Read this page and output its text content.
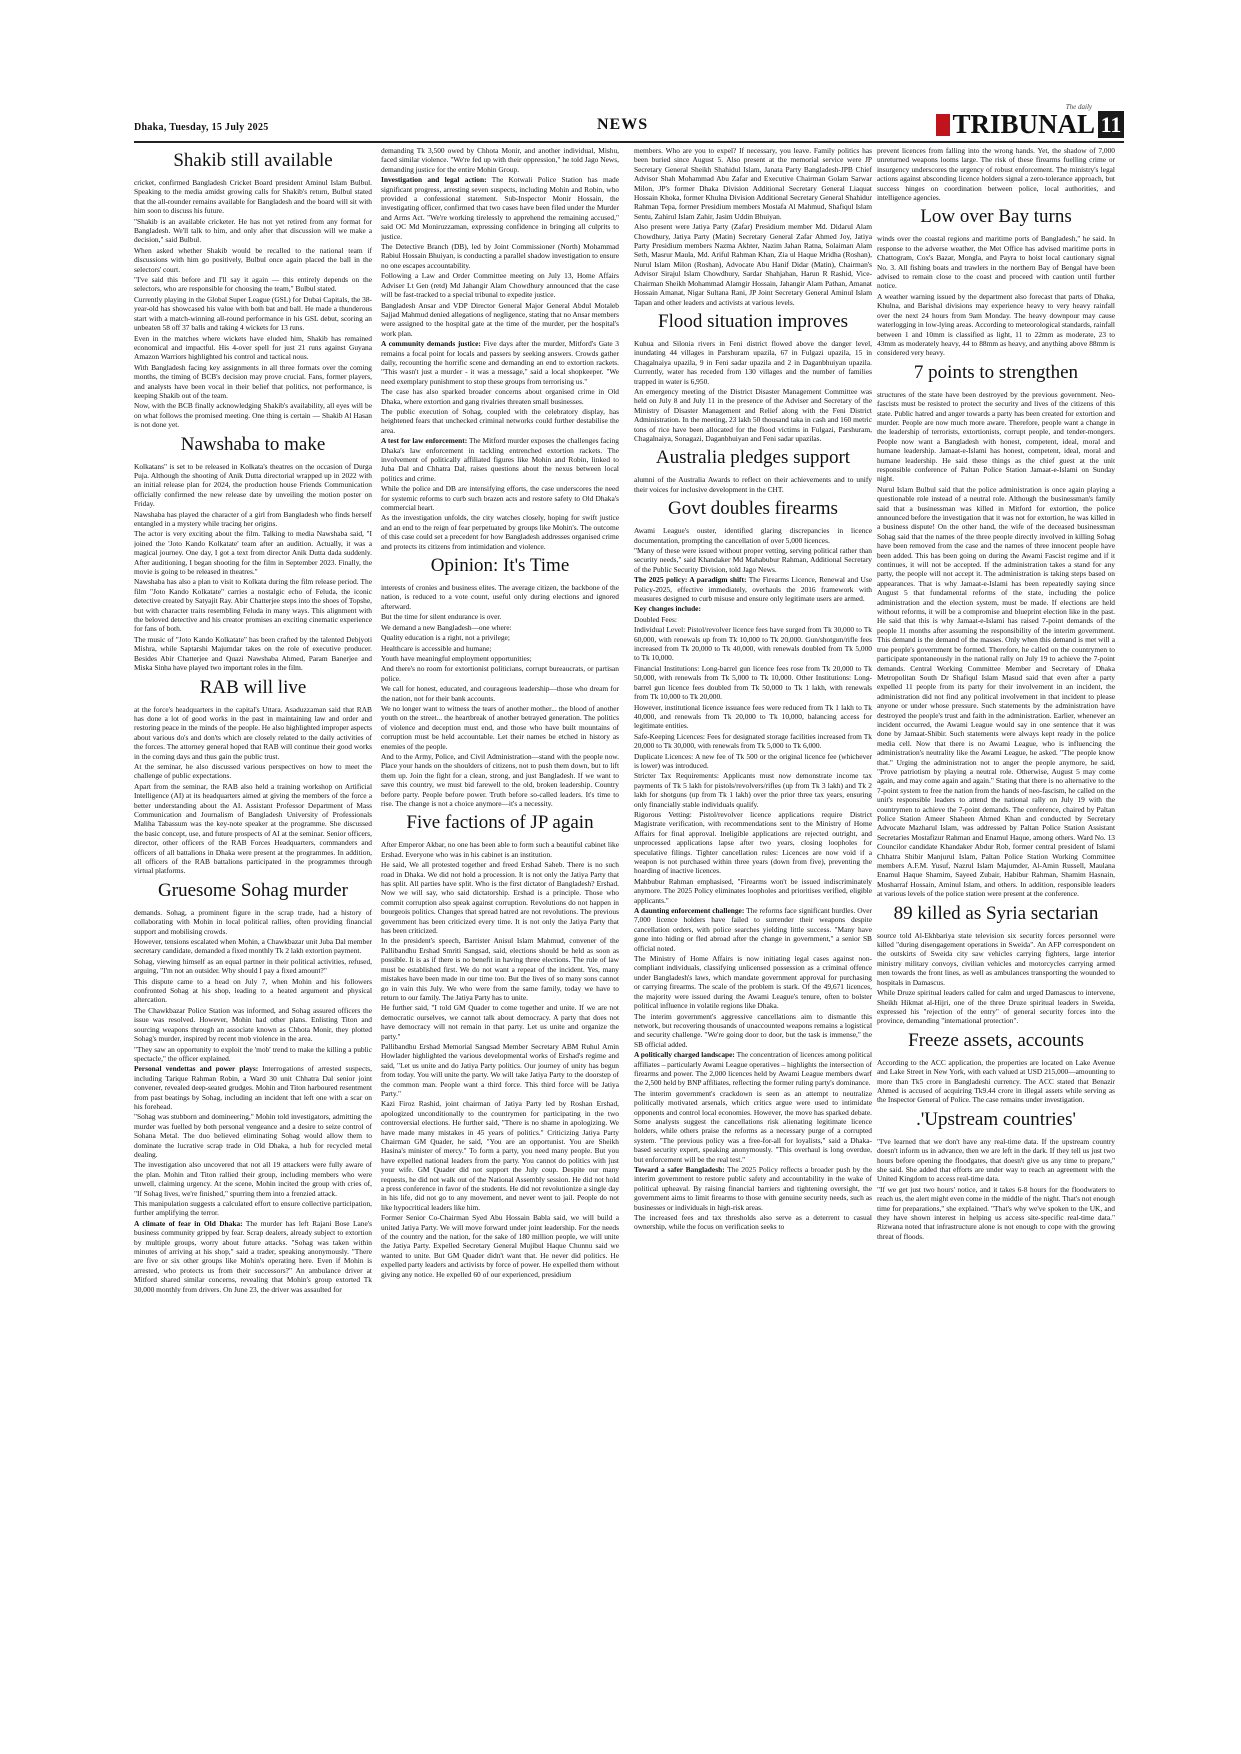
Dhaka, Tuesday, 15 July 2025	NEWS
The daily
TRIBUNAL 11
Shakib still available

cricket, confirmed Bangladesh Cricket Board president Aminul Islam Bulbul. Speaking to the media amidst growing calls for Shakib's return, Bulbul stated that the all-rounder remains available for Bangladesh and the board will sit with him soon to discuss his future.

"Shakib is an available cricketer. He has not yet retired from any format for Bangladesh. We'll talk to him, and only after that discussion will we make a decision," said Bulbul.

When asked whether Shakib would be recalled to the national team if discussions with him go positively, Bulbul once again placed the ball in the selectors' court.

"I've said this before and I'll say it again — this entirely depends on the selectors, who are responsible for choosing the team," Bulbul stated.

Currently playing in the Global Super League (GSL) for Dubai Capitals, the 38-year-old has showcased his value with both bat and ball. He made a thunderous start with a match-winning all-round performance in his GSL debut, scoring an unbeaten 58 off 37 balls and taking 4 wickets for 13 runs.

Even in the matches where wickets have eluded him, Shakib has remained economical and impactful. His 4-over spell for just 21 runs against Guyana Amazon Warriors highlighted his control and tactical nous.

With Bangladesh facing key assignments in all three formats over the coming months, the timing of BCB's decision may prove crucial. Fans, former players, and analysts have been vocal in their belief that politics, not performance, is keeping Shakib out of the team.

Now, with the BCB finally acknowledging Shakib's availability, all eyes will be on what follows the promised meeting. One thing is certain — Shakib Al Hasan is not done yet.

Nawshaba to make

Kolkatans" is set to be released in Kolkata's theatres on the occasion of Durga Puja. Although the shooting of Anik Dutta directorial wrapped up in 2022 with an initial release plan for 2024, the production house Friends Communication officially confirmed the new release date by unveiling the motion poster on Friday.

Nawshaba has played the character of a girl from Bangladesh who finds herself entangled in a mystery while tracing her origins.

The actor is very exciting about the film. Talking to media Nawshaba said, "I joined the 'Joto Kando Kolkatate' team after an audition. Actually, it was a magical journey. One day, I got a text from director Anik Dutta dada suddenly. After auditioning, I began shooting for the film in September 2023. Finally, the movie is going to be released in theatres."

Nawshaba has also a plan to visit to Kolkata during the film release period. The film "Joto Kando Kolkatate" carries a nostalgic echo of Feluda, the iconic detective created by Satyajit Ray. Abir Chatterjee steps into the shoes of Topshe, but with character traits resembling Feluda in many ways. This alignment with the beloved detective and his creator promises an exciting cinematic experience for fans of both.

The music of "Joto Kando Kolkatate" has been crafted by the talented Debjyoti Mishra, while Saptarshi Majumdar takes on the role of executive producer. Besides Abir Chatterjee and Quazi Nawshaba Ahmed, Param Banerjee and Miska Sinha have played two important roles in the film.

RAB will live

at the force's headquarters in the capital's Uttara. Asaduzzaman said that RAB has done a lot of good works in the past in maintaining law and order and restoring peace in the minds of the people. He also highlighted improper aspects about various do's and don'ts which are closely related to the daily activities of the forces. The attorney general hoped that RAB will continue their good works in the coming days and thus gain the public trust.

At the seminar, he also discussed various perspectives on how to meet the challenge of public expectations.

Apart from the seminar, the RAB also held a training workshop on Artificial Intelligence (AI) at its headquarters aimed at giving the members of the force a better understanding about the AI. Assistant Professor Department of Mass Communication and Journalism of Bangladesh University of Professionals Maliha Tabassum was the key-note speaker at the programme. She discussed the basic concept, use, and future prospects of AI at the seminar. Senior officers, director, other officers of the RAB Forces Headquarters, commanders and officers of all battalions in Dhaka were present at the programmes. In addition, all officers of the RAB battalions participated in the programmes through virtual platforms.

Gruesome Sohag murder

demands. Sohag, a prominent figure in the scrap trade, had a history of collaborating with Mohin in local political rallies, often providing financial support and mobilising crowds.

However, tensions escalated when Mohin, a Chawkbazar unit Juba Dal member secretary candidate, demanded a fixed monthly Tk 2 lakh extortion payment.

Sohag, viewing himself as an equal partner in their political activities, refused, arguing, "I'm not an outsider. Why should I pay a fixed amount?"

This dispute came to a head on July 7, when Mohin and his followers confronted Sohag at his shop, leading to a heated argument and physical altercation.

The Chawkbazar Police Station was informed, and Sohag assured officers the issue was resolved. However, Mohin had other plans. Enlisting Titon and sourcing weapons through an associate known as Chhota Monir, they plotted Sohag's murder, inspired by recent mob violence in the area.

"They saw an opportunity to exploit the 'mob' trend to make the killing a public spectacle," the officer explained.

Personal vendettas and power plays: Interrogations of arrested suspects, including Tarique Rahman Robin, a Ward 30 unit Chhatra Dal senior joint convener, revealed deep-seated grudges. Mohin and Titon harboured resentment from past beatings by Sohag, including an incident that left one with a scar on his forehead.

"Sohag was stubborn and domineering," Mohin told investigators, admitting the murder was fuelled by both personal vengeance and a desire to seize control of Sohana Metal. The duo believed eliminating Sohag would allow them to dominate the lucrative scrap trade in Old Dhaka, a hub for recycled metal dealing.

The investigation also uncovered that not all 19 attackers were fully aware of the plan. Mohin and Titon rallied their group, including members who were unwell, claiming urgency. At the scene, Mohin incited the group with cries of, "If Sohag lives, we're finished," spurring them into a frenzied attack.

This manipulation suggests a calculated effort to ensure collective participation, further amplifying the terror.

A climate of fear in Old Dhaka: The murder has left Rajani Bose Lane's business community gripped by fear. Scrap dealers, already subject to extortion by multiple groups, worry about future attacks. "Sohag was taken within minutes of arriving at his shop," said a trader, speaking anonymously. "There are five or six other groups like Mohin's operating here. Even if Mohin is arrested, who protects us from their successors?" An ambulance driver at Mitford shared similar concerns, revealing that Mohin's group extorted Tk 30,000 monthly from drivers. On June 23, the driver was assaulted for

demanding Tk 3,500 owed by Chhota Monir, and another individual, Mishu, faced similar violence. "We're fed up with their oppression," he told Jago News, demanding justice for the entire Mohin Group.

Investigation and legal action: The Kotwali Police Station has made significant progress, arresting seven suspects, including Mohin and Robin, who provided a confessional statement. Sub-Inspector Monir Hossain, the investigating officer, confirmed that two cases have been filed under the Murder and Arms Act. "We're working tirelessly to apprehend the remaining accused," said OC Md Moniruzzaman, expressing confidence in bringing all culprits to justice.

The Detective Branch (DB), led by Joint Commissioner (North) Mohammad Rabiul Hossain Bhuiyan, is conducting a parallel shadow investigation to ensure no one escapes accountability.

Following a Law and Order Committee meeting on July 13, Home Affairs Adviser Lt Gen (retd) Md Jahangir Alam Chowdhury announced that the case will be fast-tracked to a special tribunal to expedite justice.

Bangladesh Ansar and VDP Director General Major General Abdul Motaleb Sajjad Mahmud denied allegations of negligence, stating that no Ansar members were assigned to the hospital gate at the time of the murder, per the hospital's work plan.

A community demands justice: Five days after the murder, Mitford's Gate 3 remains a focal point for locals and passers by seeking answers. Crowds gather daily, recounting the horrific scene and demanding an end to extortion rackets. "This wasn't just a murder - it was a message," said a local shopkeeper. "We need exemplary punishment to stop these groups from terrorising us."

The case has also sparked broader concerns about organised crime in Old Dhaka, where extortion and gang rivalries threaten small businesses.

The public execution of Sohag, coupled with the celebratory display, has heightened fears that unchecked criminal networks could further destabilise the area.

A test for law enforcement: The Mitford murder exposes the challenges facing Dhaka's law enforcement in tackling entrenched extortion rackets. The involvement of politically affiliated figures like Mohin and Robin, linked to Juba Dal and Chhatra Dal, raises questions about the nexus between local politics and crime.

While the police and DB are intensifying efforts, the case underscores the need for systemic reforms to curb such brazen acts and restore safety to Old Dhaka's commercial heart.

As the investigation unfolds, the city watches closely, hoping for swift justice and an end to the reign of fear perpetuated by groups like Mohin's. The outcome of this case could set a precedent for how Bangladesh addresses organised crime and protects its citizens from intimidation and violence.

Opinion: It's Time

interests of cronies and business elites. The average citizen, the backbone of the nation, is reduced to a vote count, useful only during elections and ignored afterward.

But the time for silent endurance is over.

We demand a new Bangladesh—one where:

Quality education is a right, not a privilege;

Healthcare is accessible and humane;

Youth have meaningful employment opportunities;

And there's no room for extortionist politicians, corrupt bureaucrats, or partisan police.

We call for honest, educated, and courageous leadership—those who dream for the nation, not for their bank accounts.

We no longer want to witness the tears of another mother... the blood of another youth on the street... the heartbreak of another betrayed generation. The politics of violence and deception must end, and those who have built mountains of corruption must be held accountable. Let their names be etched in history as enemies of the people.

And to the Army, Police, and Civil Administration—stand with the people now. Place your hands on the shoulders of citizens, not to push them down, but to lift them up. Join the fight for a clean, strong, and just Bangladesh. If we want to save this country, we must bid farewell to the old, broken leadership. Country before party. People before power. Truth before so-called leaders. It's time to rise. The change is not a choice anymore—it's a necessity.

Five factions of JP again

After Emperor Akbar, no one has been able to form such a beautiful cabinet like Ershad. Everyone who was in his cabinet is an institution.

He said, We all protested together and freed Ershad Saheb. There is no such road in Dhaka. We did not hold a procession. It is not only the Jatiya Party that has split. All parties have split. Who is the first dictator of Bangladesh? Ershad. Now we will say, who said dictatorship. Ershad is a principle. Those who commit corruption also speak against corruption. Revolutions do not happen in bourgeois politics. Changes that spread hatred are not revolutions. The previous government has been criticized every time. It is not only the Jatiya Party that has been criticized.

In the president's speech, Barrister Anisul Islam Mahmud, convener of the Pallibandhu Ershad Smriti Sangsad, said, elections should be held as soon as possible. It is as if there is no benefit in having three elections. The rule of law must be established first. We do not want a repeat of the incident. Yes, many mistakes have been made in our time too. But the lives of so many sons cannot go in vain this July. We who were from the same family, today we have to return to our family. The Jatiya Party has to unite.

He further said, "I told GM Quader to come together and unite. If we are not democratic ourselves, we cannot talk about democracy. A party that does not have democracy will not remain in that party. Let us unite and organize the party."

Pallibandhu Ershad Memorial Sangsad Member Secretary ABM Ruhul Amin Howlader highlighted the various developmental works of Ershad's regime and said, "Let us unite and do Jatiya Party politics. Our journey of unity has begun from today. You will unite the party. We will take Jatiya Party to the doorstep of the common man. People want a third force. This third force will be Jatiya Party."

Kazi Firoz Rashid, joint chairman of Jatiya Party led by Roshan Ershad, apologized unconditionally to the countrymen for participating in the two controversial elections. He further said, "There is no shame in apologizing. We have made many mistakes in 45 years of politics." Criticizing Jatiya Party Chairman GM Quader, he said, "You are an opportunist. You are Sheikh Hasina's minister of mercy." To form a party, you need many people. But you have expelled national leaders from the party. You cannot do politics with just your wife. GM Quader did not support the July coup. Despite our many requests, he did not walk out of the National Assembly session. He did not hold a press conference in favor of the students. He did not revolutionize a single day in his life, did not go to any movement, and never went to jail. People do not like hypocritical leaders like him.

Former Senior Co-Chairman Syed Abu Hossain Babla said, we will build a united Jatiya Party. We will move forward under joint leadership. For the needs of the country and the nation, for the sake of 180 million people, we will unite the Jatiya Party. Expelled Secretary General Mujibul Haque Chunnu said we wanted to unite. But GM Quader didn't want that. He never did politics. He expelled party leaders and activists by force of power. He expelled them without giving any notice. He expelled 60 of our experienced, presidium

members. Who are you to expel? If necessary, you leave. Family politics has been buried since August 5. Also present at the memorial service were JP Secretary General Sheikh Shahidul Islam, Janata Party Bangladesh-JPB Chief Advisor Shah Mohammad Abu Zafar and Executive Chairman Golam Sarwar Milon, JP's former Dhaka Division Additional Secretary General Liaquat Hossain Khoka, former Khulna Division Additional Secretary General Shahidur Rahman Tepa, former Presidium members Mostafa Al Mahmud, Shafiqul Islam Sentu, Zahirul Islam Zahir, Jasim Uddin Bhuiyan.

Also present were Jatiya Party (Zafar) Presidium member Md. Didarul Alam Chowdhury, Jatiya Party (Matin) Secretary General Zafar Ahmed Joy, Jatiya Party Presidium members Nazma Akhter, Nazim Jahan Ratna, Solaiman Alam Seth, Masrur Maula, Md. Ariful Rahman Khan, Zia ul Haque Mridha (Roshan), Nurul Islam Milon (Roshan), Advocate Abu Hanif Didar (Matin), Chairman's Advisor Sirajul Islam Chowdhury, Sardar Shahjahan, Harun R Rashid, Vice-Chairman Sheikh Mohammad Alamgir Hossain, Jahangir Alam Pathan, Amanat Hossain Amanat, Nigar Sultana Rani, JP Joint Secretary General Aminul Islam Tapan and other leaders and activists at various levels.

Flood situation improves

Kuhua and Silonia rivers in Feni district flowed above the danger level, inundating 44 villages in Parshuram upazila, 67 in Fulgazi upazila, 15 in Chagalnaiya upazila, 9 in Feni sadar upazila and 2 in Daganbhuiyan upazila. Currently, water has receded from 130 villages and the number of families trapped in water is 6,950.

An emergency meeting of the District Disaster Management Committee was held on July 8 and July 11 in the presence of the Adviser and Secretary of the Ministry of Disaster Management and Relief along with the Feni District Administration. In the meeting, 23 lakh 50 thousand taka in cash and 160 metric tons of rice have been allocated for the flood victims in Fulgazi, Parshuram, Chagalnaiya, Sonagazi, Daganbhuiyan and Feni sadar upazilas.

Australia pledges support

alumni of the Australia Awards to reflect on their achievements and to unify their voices for inclusive development in the CHT.

Govt doubles firearms

Awami League's ouster, identified glaring discrepancies in licence documentation, prompting the cancellation of over 5,000 licences.

"Many of these were issued without proper vetting, serving political rather than security needs," said Khandaker Md Mahabubur Rahman, Additional Secretary of the Public Security Division, told Jago News.

The 2025 policy: A paradigm shift: The Firearms Licence, Renewal and Use Policy-2025, effective immediately, overhauls the 2016 framework with measures designed to curb misuse and ensure only legitimate users are armed.

Key changes include:

Doubled Fees:

Individual Level: Pistol/revolver licence fees have surged from Tk 30,000 to Tk 60,000, with renewals up from Tk 10,000 to Tk 20,000. Gun/shotgun/rifle fees increased from Tk 20,000 to Tk 40,000, with renewals doubled from Tk 5,000 to Tk 10,000.

Financial Institutions: Long-barrel gun licence fees rose from Tk 20,000 to Tk 50,000, with renewals from Tk 5,000 to Tk 10,000. Other Institutions: Long-barrel gun licence fees doubled from Tk 50,000 to Tk 1 lakh, with renewals from Tk 10,000 to Tk 20,000.

However, institutional licence issuance fees were reduced from Tk 1 lakh to Tk 40,000, and renewals from Tk 20,000 to Tk 10,000, balancing access for legitimate entities.

Safe-Keeping Licences: Fees for designated storage facilities increased from Tk 20,000 to Tk 30,000, with renewals from Tk 5,000 to Tk 6,000.

Duplicate Licences: A new fee of Tk 500 or the original licence fee (whichever is lower) was introduced.

Stricter Tax Requirements: Applicants must now demonstrate income tax payments of Tk 5 lakh for pistols/revolvers/rifles (up from Tk 3 lakh) and Tk 2 lakh for shotguns (up from Tk 1 lakh) over the prior three tax years, ensuring only financially stable individuals qualify.

Rigorous Vetting: Pistol/revolver licence applications require District Magistrate verification, with recommendations sent to the Ministry of Home Affairs for final approval. Ineligible applications are rejected outright, and unprocessed applications lapse after two years, closing loopholes for speculative filings. Tighter cancellation rules: Licences are now void if a weapon is not purchased within three years (down from five), preventing the hoarding of inactive licences.

Mahbubur Rahman emphasised, "Firearms won't be issued indiscriminately anymore. The 2025 Policy eliminates loopholes and prioritises verified, eligible applicants."

A daunting enforcement challenge: The reforms face significant hurdles. Over 7,000 licence holders have failed to surrender their weapons despite cancellation orders, with police searches yielding little success. "Many have gone into hiding or fled abroad after the change in government," a senior SB official noted.

The Ministry of Home Affairs is now initiating legal cases against non-compliant individuals, classifying unlicensed possession as a criminal offence under Bangladesh's laws, which mandate government approval for purchasing or carrying firearms. The scale of the problem is stark. Of the 49,671 licences, the majority were issued during the Awami League's tenure, often to bolster political influence in volatile regions like Dhaka.

The interim government's aggressive cancellations aim to dismantle this network, but recovering thousands of unaccounted weapons remains a logistical and security challenge. "We're going door to door, but the task is immense," the SB official added.

A politically charged landscape: The concentration of licences among political affiliates – particularly Awami League operatives – highlights the intersection of firearms and power. The 2,000 licences held by Awami League members dwarf the 2,500 held by BNP affiliates, reflecting the former ruling party's dominance.

The interim government's crackdown is seen as an attempt to neutralize politically motivated arsenals, which critics argue were used to intimidate opponents and control local economies. However, the move has sparked debate. Some analysts suggest the cancellations risk alienating legitimate licence holders, while others praise the reforms as a necessary purge of a corrupted system. "The previous policy was a free-for-all for loyalists," said a Dhaka-based security expert, speaking anonymously. "This overhaul is long overdue, but enforcement will be the real test."

Toward a safer Bangladesh: The 2025 Policy reflects a broader push by the interim government to restore public safety and accountability in the wake of political upheaval. By raising financial barriers and tightening oversight, the government aims to limit firearms to those with genuine security needs, such as businesses or individuals in high-risk areas.

The increased fees and tax thresholds also serve as a deterrent to casual ownership, while the focus on verification seeks to

prevent licences from falling into the wrong hands. Yet, the shadow of 7,000 unreturned weapons looms large. The risk of these firearms fuelling crime or insurgency underscores the urgency of robust enforcement. The ministry's legal actions against absconding licence holders signal a zero-tolerance approach, but success hinges on coordination between police, local authorities, and intelligence agencies.

Low over Bay turns

winds over the coastal regions and maritime ports of Bangladesh," he said. In response to the adverse weather, the Met Office has advised maritime ports in Chattogram, Cox's Bazar, Mongla, and Payra to hoist local cautionary signal No. 3. All fishing boats and trawlers in the northern Bay of Bengal have been advised to remain close to the coast and proceed with caution until further notice.

A weather warning issued by the department also forecast that parts of Dhaka, Khulna, and Barishal divisions may experience heavy to very heavy rainfall over the next 24 hours from 9am Monday. The heavy downpour may cause waterlogging in low-lying areas. According to meteorological standards, rainfall between 1 and 10mm is classified as light, 11 to 22mm as moderate, 23 to 43mm as moderately heavy, 44 to 88mm as heavy, and anything above 88mm is considered very heavy.

7 points to strengthen

structures of the state have been destroyed by the previous government. Neo-fascists must be resisted to protect the security and lives of the citizens of this state. Public hatred and anger towards a party has been created for extortion and murder. People are now much more aware. Therefore, people want a change in the leadership of terrorists, extortionists, corrupt people, and tender-mongers. People now want a Bangladesh with honest, competent, ideal, moral and humane leadership. Jamaat-e-Islami has honest, competent, ideal, moral and humane leadership. He said these things as the chief guest at the unit responsible conference of Paltan Police Station Jamaat-e-Islami on Sunday night.

Nurul Islam Bulbul said that the police administration is once again playing a questionable role instead of a neutral role. Although the businessman's family said that a businessman was killed in Mitford for extortion, the police announced before the investigation that it was not for extortion, he was killed in a business dispute! On the other hand, the wife of the deceased businessman Sohag said that the names of the three people directly involved in killing Sohag have been removed from the case and the names of three innocent people have been added. This has been going on during the Awami Fascist regime and if it continues, it will not be accepted. If the administration takes a stand for any party, the people will not accept it. The administration is taking steps based on appearances. That is why Jamaat-e-Islami has been repeatedly saying since August 5 that fundamental reforms of the state, including the police administration and the election system, must be made. If elections are held without reforms, it will be a compromise and blueprint election like in the past. He said that this is why Jamaat-e-Islami has raised 7-point demands of the people 11 months after assuming the responsibility of the interim government. This demand is the demand of the masses. Only when this demand is met will a true people's government be formed. Therefore, he called on the countrymen to participate spontaneously in the national rally on July 19 to achieve the 7-point demands. Central Working Committee Member and Secretary of Dhaka Metropolitan South Dr Shafiqul Islam Masud said that even after a party expelled 11 people from its party for their involvement in an incident, the administration did not find any political involvement in that incident to please anyone or under whose pressure. Such statements by the administration have destroyed the people's trust and faith in the administration. Earlier, whenever an incident occurred, the Awami League would say in one sentence that it was done by Jamaat-Shibir. Such statements were always kept ready in the police media cell. Now that there is no Awami League, who is influencing the administration's neutrality like the Awami League, he asked. "The people know that." Urging the administration not to anger the people anymore, he said, "Prove patriotism by playing a neutral role. Otherwise, August 5 may come again, and may come again and again." Stating that there is no alternative to the 7-point system to free the nation from the hands of neo-fascism, he called on the unit's responsible leaders to attend the national rally on July 19 with the countrymen to achieve the 7-point demands. The conference, chaired by Paltan Police Station Ameer Shaheen Ahmed Khan and conducted by Secretary Advocate Mazharul Islam, was addressed by Paltan Police Station Assistant Secretaries Mostafizur Rahman and Enamul Haque, among others. Ward No. 13 Councilor candidate Khandaker Abdur Rob, former central president of Islami Chhatra Shibir Manjurul Islam, Paltan Police Station Working Committee members A.F.M. Yusuf, Nazrul Islam Majumder, Al-Amin Russell, Maulana Enamul Haque Shamim, Sayeed Zubair, Habibur Rahman, Shamim Hasnain, Mosharraf Hossain, Aminul Islam, and others. In addition, responsible leaders at various levels of the police station were present at the conference.

89 killed as Syria sectarian

source told Al-Ekhbariya state television six security forces personnel were killed "during disengagement operations in Sweida". An AFP correspondent on the outskirts of Sweida city saw vehicles carrying fighters, large interior ministry military convoys, civilian vehicles and motorcycles carrying armed men towards the front lines, as well as ambulances transporting the wounded to hospitals in Damascus.

While Druze spiritual leaders called for calm and urged Damascus to intervene, Sheikh Hikmat al-Hijri, one of the three Druze spiritual leaders in Sweida, expressed his "rejection of the entry" of general security forces into the province, demanding "international protection".

Freeze assets, accounts

According to the ACC application, the properties are located on Lake Avenue and Lake Street in New York, with each valued at USD 215,000—amounting to more than Tk5 crore in Bangladeshi currency. The ACC stated that Benazir Ahmed is accused of acquiring Tk9.44 crore in illegal assets while serving as the Inspector General of Police. The case remains under investigation.

.'Upstream countries'

"I've learned that we don't have any real-time data. If the upstream country doesn't inform us in advance, then we are left in the dark. If they tell us just two hours before opening the floodgates, that doesn't give us any time to prepare," she said. She added that efforts are under way to reach an agreement with the United Kingdom to access real-time data.

"If we get just two hours' notice, and it takes 6-8 hours for the floodwaters to reach us, the alert might even come in the middle of the night. That's not enough time for preparations," she explained. "That's why we've spoken to the UK, and they have shown interest in helping us access site-specific real-time data." Rizwana noted that infrastructure alone is not enough to cope with the growing threat of floods.
